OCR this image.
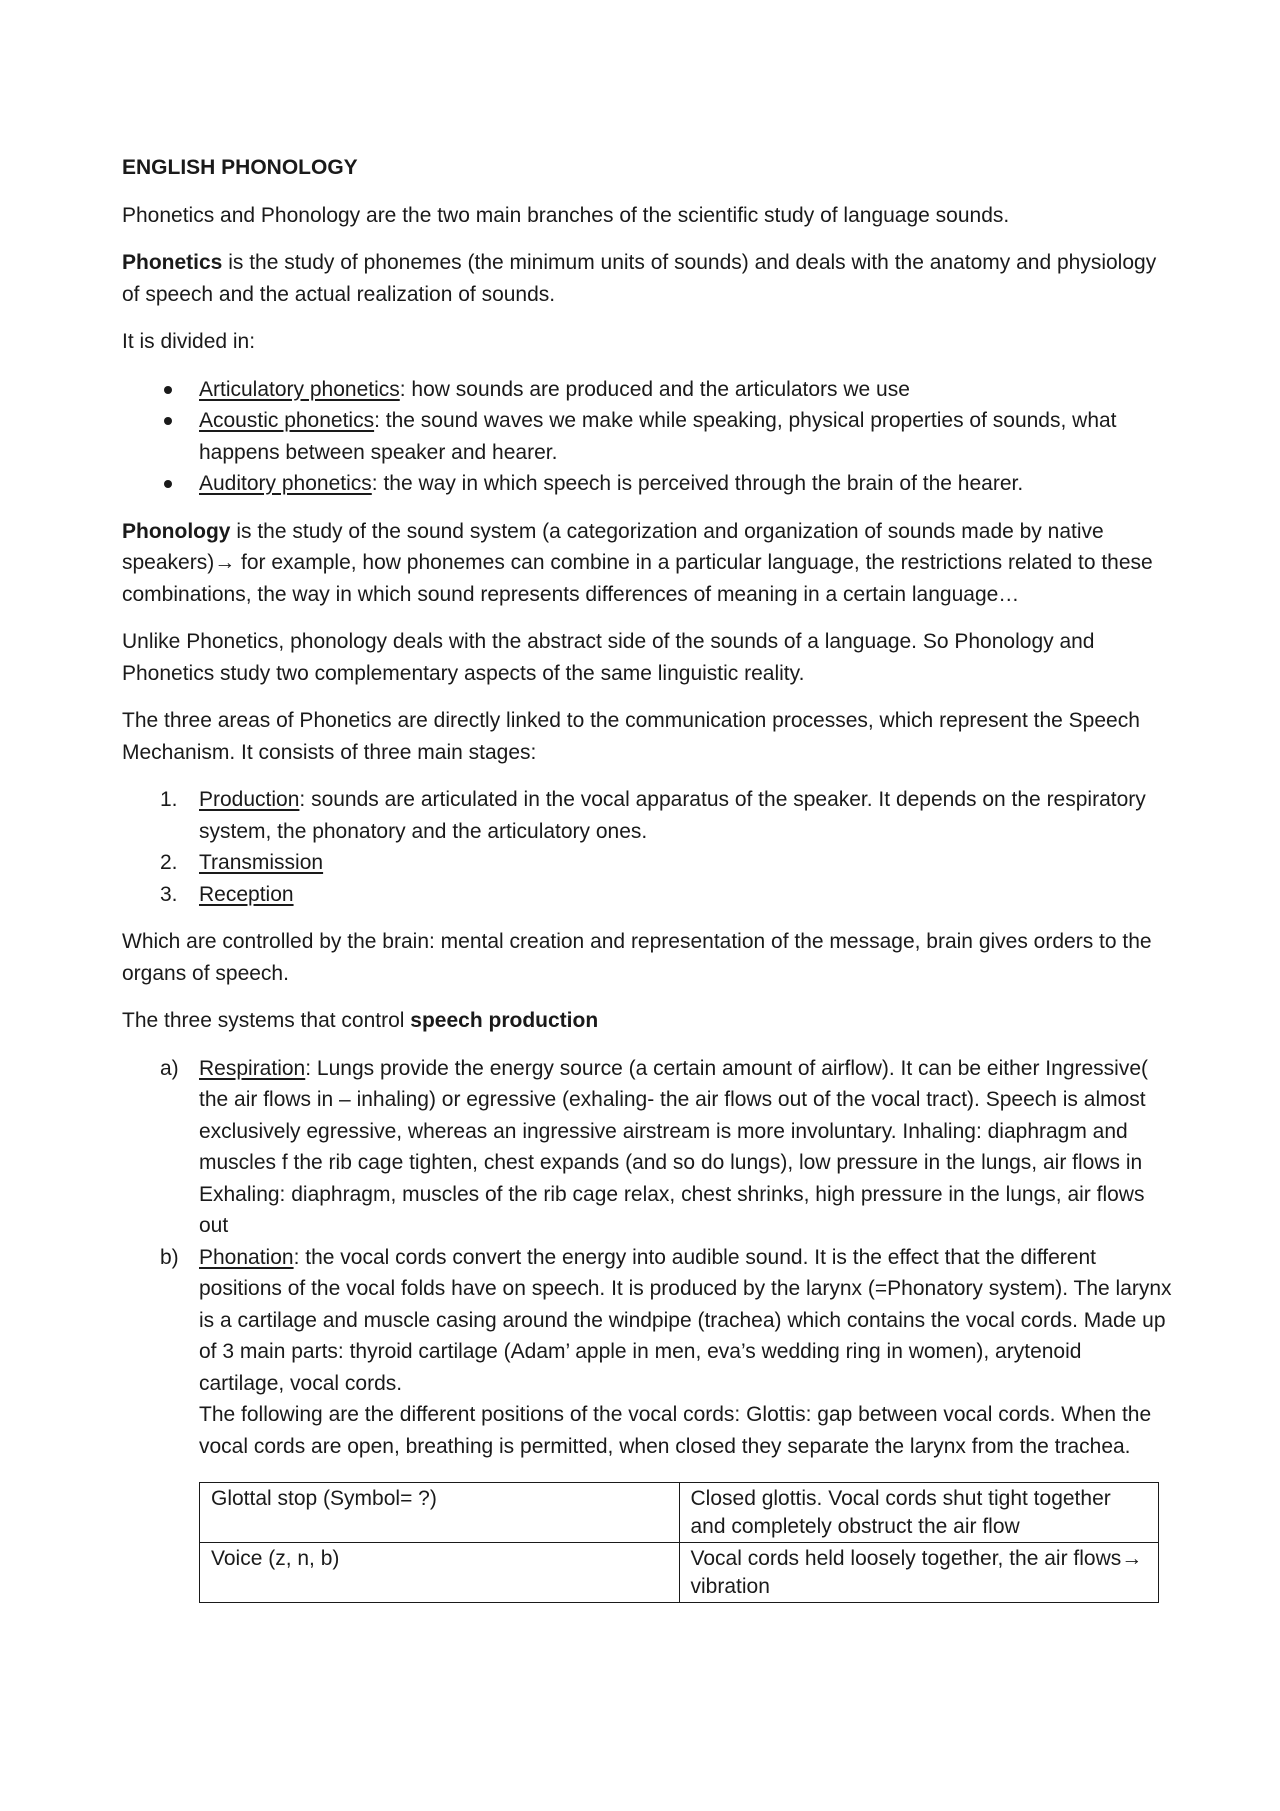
ENGLISH PHONOLOGY

Phonetics and Phonology are the two main branches of the scientific study of language sounds.

Phonetics is the study of phonemes (the minimum units of sounds) and deals with the anatomy and physiology of speech and the actual realization of sounds.

It is divided in:

Articulatory phonetics: how sounds are produced and the articulators we use
Acoustic phonetics: the sound waves we make while speaking, physical properties of sounds, what happens between speaker and hearer.
Auditory phonetics: the way in which speech is perceived through the brain of the hearer.

Phonology is the study of the sound system (a categorization and organization of sounds made by native speakers)→ for example, how phonemes can combine in a particular language, the restrictions related to these combinations, the way in which sound represents differences of meaning in a certain language…

Unlike Phonetics, phonology deals with the abstract side of the sounds of a language. So Phonology and Phonetics study two complementary aspects of the same linguistic reality.

The three areas of Phonetics are directly linked to the communication processes, which represent the Speech Mechanism. It consists of three main stages:

1.	Production: sounds are articulated in the vocal apparatus of the speaker. It depends on the respiratory system, the phonatory and the articulatory ones.
2.	Transmission
3.	Reception

Which are controlled by the brain: mental creation and representation of the message, brain gives orders to the organs of speech.

The three systems that control speech production

a) Respiration: Lungs provide the energy source (a certain amount of airflow). It can be either Ingressive( the air flows in – inhaling) or egressive (exhaling- the air flows out of the vocal tract). Speech is almost exclusively egressive, whereas an ingressive airstream is more involuntary. Inhaling: diaphragm and muscles f the rib cage tighten, chest expands (and so do lungs), low pressure in the lungs, air flows in
Exhaling: diaphragm, muscles of the rib cage relax, chest shrinks, high pressure in the lungs, air flows out
b) Phonation: the vocal cords convert the energy into audible sound. It is the effect that the different positions of the vocal folds have on speech. It is produced by the larynx (=Phonatory system). The larynx is a cartilage and muscle casing around the windpipe (trachea) which contains the vocal cords. Made up of 3 main parts: thyroid cartilage (Adam’ apple in men, eva’s wedding ring in women), arytenoid cartilage, vocal cords.
The following are the different positions of the vocal cords: Glottis: gap between vocal cords. When the vocal cords are open, breathing is permitted, when closed they separate the larynx from the trachea.
Glottal stop (Symbol= ?)	Closed glottis. Vocal cords shut tight together and completely obstruct the air flow
Voice (z, n, b)	Vocal cords held loosely together, the air flows→ vibration
